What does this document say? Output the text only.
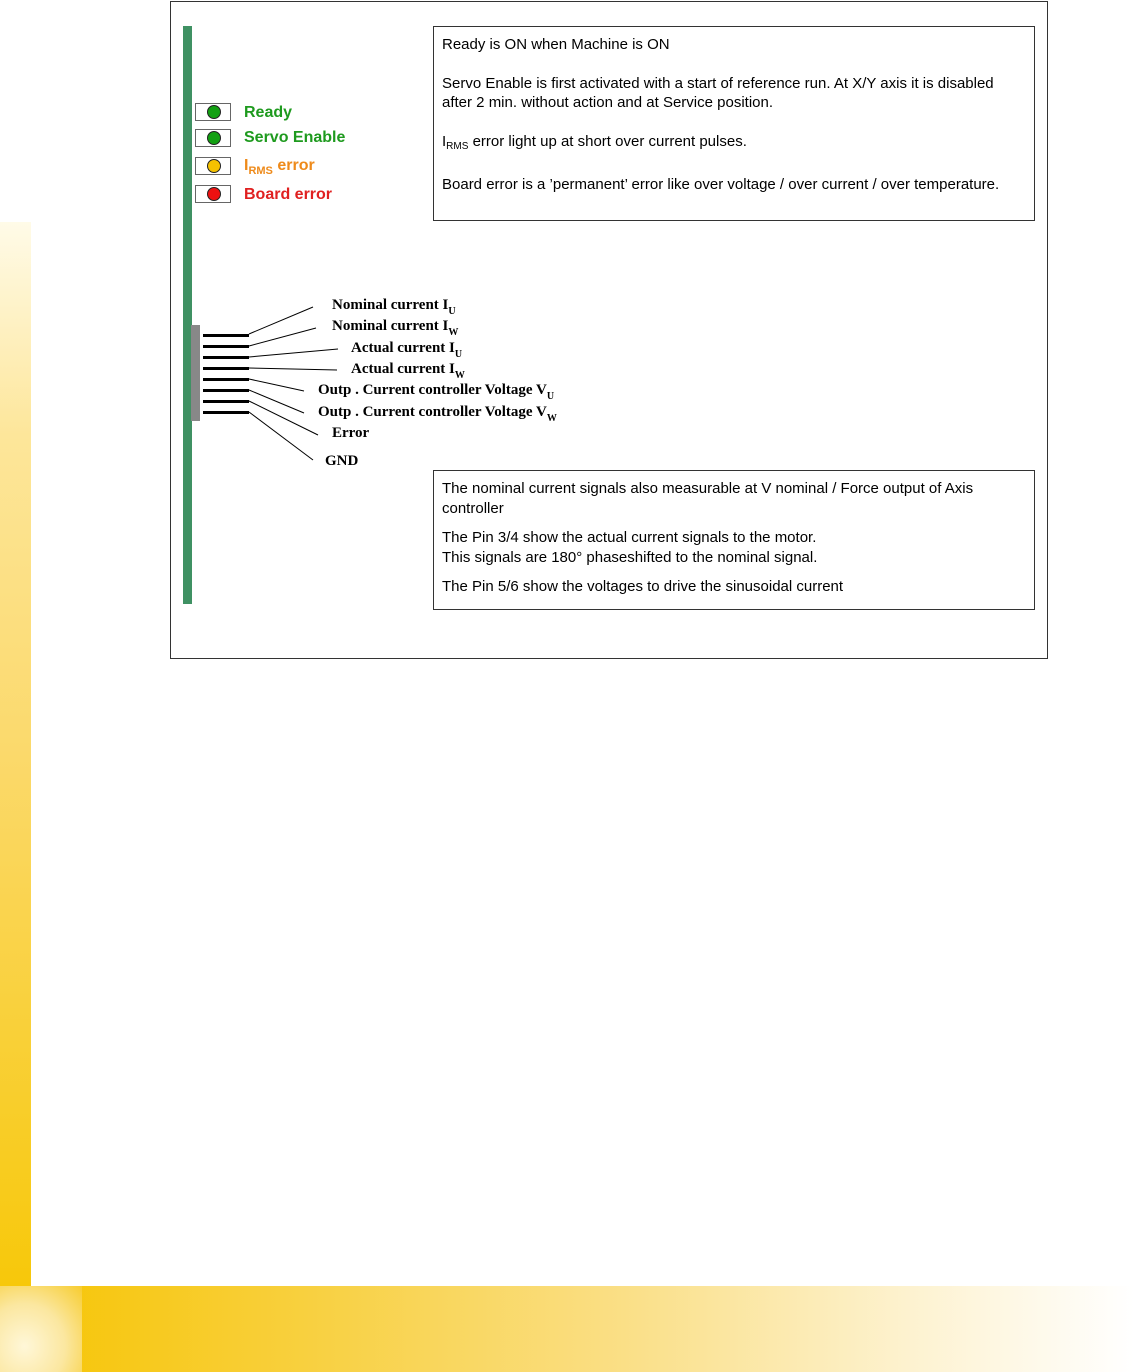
Ready
Servo Enable
$I_{RMS}$ error
Board error

Ready is ON when Machine is ON

Servo Enable is first activated with a start of reference run. At X/Y axis it is disabled after 2 min. without action and at Service position.

$I_{RMS}$ error light up at short over current pulses.

Board error is a ’permanent’ error like over voltage / over current / over temperature.

Nominal current $I_U$
Nominal current $I_W$
Actual current $I_U$
Actual current $I_W$
Outp . Current controller Voltage $V_U$
Outp . Current controller Voltage $V_W$
Error
GND

The nominal current signals also measurable at V nominal / Force output of Axis controller

The Pin 3/4 show the actual current signals to the motor.

This signals are 180° phaseshifted to the nominal signal.

The Pin 5/6 show the voltages to drive the sinusoidal current
